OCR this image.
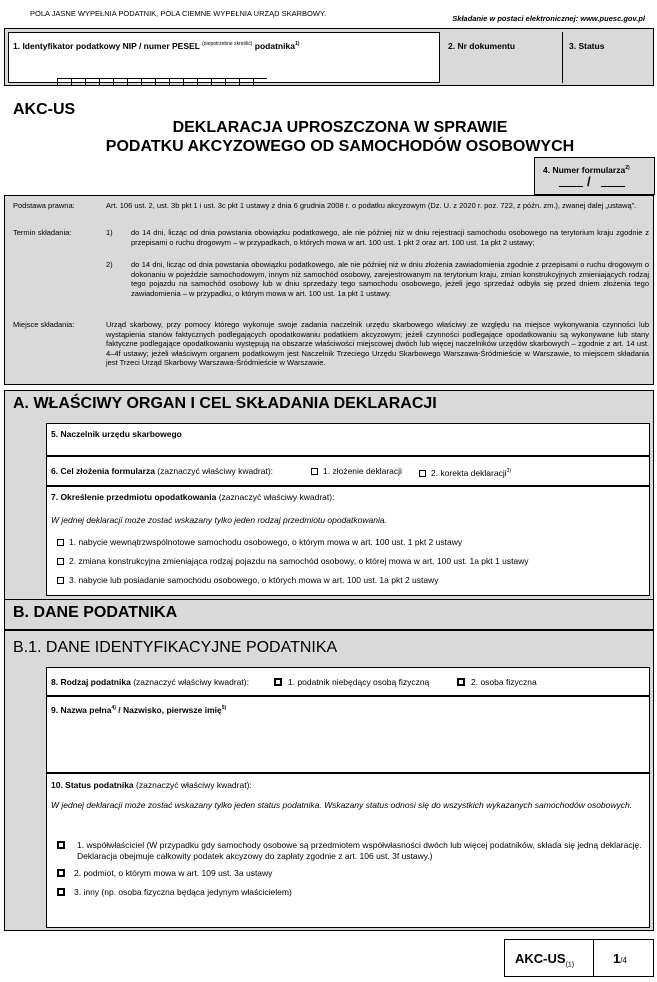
POLA JASNE WYPEŁNIA PODATNIK, POLA CIEMNE WYPEŁNIA URZĄD SKARBOWY.
Składanie w postaci elektronicznej: www.puesc.gov.pl
1. Identyfikator podatkowy NIP / numer PESEL $^{(niepotrzebne skreślić)}$ podatnika$^{1)}$	2. Nr dokumentu	3. Status
AKC-US
DEKLARACJA UPROSZCZONA W SPRAWIE
PODATKU AKCYZOWEGO OD SAMOCHODÓW OSOBOWYCH
4. Numer formularza$^{2)}$
/
Podstawa prawna:	Art. 106 ust. 2, ust. 3b pkt 1 i ust. 3c pkt 1 ustawy z dnia 6 grudnia 2008 r. o podatku akcyzowym (Dz. U. z 2020 r. poz. 722, z późn. zm.), zwanej dalej „ustawą”.
Termin składania:	1) do 14 dni, licząc od dnia powstania obowiązku podatkowego, ale nie później niż w dniu rejestracji samochodu osobowego na terytorium kraju zgodnie z przepisami o ruchu drogowym – w przypadkach, o których mowa w art. 100 ust. 1 pkt 2 oraz art. 100 ust. 1a pkt 2 ustawy;
2) do 14 dni, licząc od dnia powstania obowiązku podatkowego, ale nie później niż w dniu złożenia zawiadomienia zgodnie z przepisami o ruchu drogowym o dokonaniu w pojeździe samochodowym, innym niż samochód osobowy, zarejestrowanym na terytorium kraju, zmian konstrukcyjnych zmieniających rodzaj tego pojazdu na samochód osobowy lub w dniu sprzedaży tego samochodu osobowego, jeżeli jego sprzedaż odbyła się przed dniem złożenia tego zawiadomienia – w przypadku, o którym mowa w art. 100 ust. 1a pkt 1 ustawy.
Miejsce składania:	Urząd skarbowy, przy pomocy którego wykonuje swoje zadania naczelnik urzędu skarbowego właściwy ze względu na miejsce wykonywania czynności lub wystąpienia stanów faktycznych podlegających opodatkowaniu podatkiem akcyzowym; jeżeli czynności podlegające opodatkowaniu są wykonywane lub stany faktyczne podlegające opodatkowaniu występują na obszarze właściwości miejscowej dwóch lub więcej naczelników urzędów skarbowych – zgodnie z art. 14 ust. 4–4f ustawy; jeżeli właściwym organem podatkowym jest Naczelnik Trzeciego Urzędu Skarbowego Warszawa-Śródmieście w Warszawie, to miejscem składania jest Trzeci Urząd Skarbowy Warszawa-Śródmieście w Warszawie.
A. WŁAŚCIWY ORGAN I CEL SKŁADANIA DEKLARACJI
5. Naczelnik urzędu skarbowego
6. Cel złożenia formularza (zaznaczyć właściwy kwadrat):	1. złożenie deklaracji	2. korekta deklaracji$^{3)}$
7. Określenie przedmiotu opodatkowania (zaznaczyć właściwy kwadrat):
W jednej deklaracji może zostać wskazany tylko jeden rodzaj przedmiotu opodatkowania.
1. nabycie wewnątrzwspólnotowe samochodu osobowego, o którym mowa w art. 100 ust. 1 pkt 2 ustawy
2. zmiana konstrukcyjna zmieniająca rodzaj pojazdu na samochód osobowy, o której mowa w art. 100 ust. 1a pkt 1 ustawy
3. nabycie lub posiadanie samochodu osobowego, o których mowa w art. 100 ust. 1a pkt 2 ustawy
B. DANE PODATNIKA
B.1. DANE IDENTYFIKACYJNE PODATNIKA
8. Rodzaj podatnika (zaznaczyć właściwy kwadrat):	1. podatnik niebędący osobą fizyczną	2. osoba fizyczna
9. Nazwa pełna$^{4)}$ / Nazwisko, pierwsze imię$^{5)}$
10. Status podatnika (zaznaczyć właściwy kwadrat):
W jednej deklaracji może zostać wskazany tylko jeden status podatnika. Wskazany status odnosi się do wszystkich wykazanych samochodów osobowych.
1. współwłaściciel (W przypadku gdy samochody osobowe są przedmiotem współwłasności dwóch lub więcej podatników, składa się jedną deklarację. Deklaracja obejmuje całkowity podatek akcyzowy do zapłaty zgodnie z art. 106 ust. 3f ustawy.)
2. podmiot, o którym mowa w art. 109 ust. 3a ustawy
3. inny (np. osoba fizyczna będąca jedynym właścicielem)
AKC-$US_{(1)}$	1/4
